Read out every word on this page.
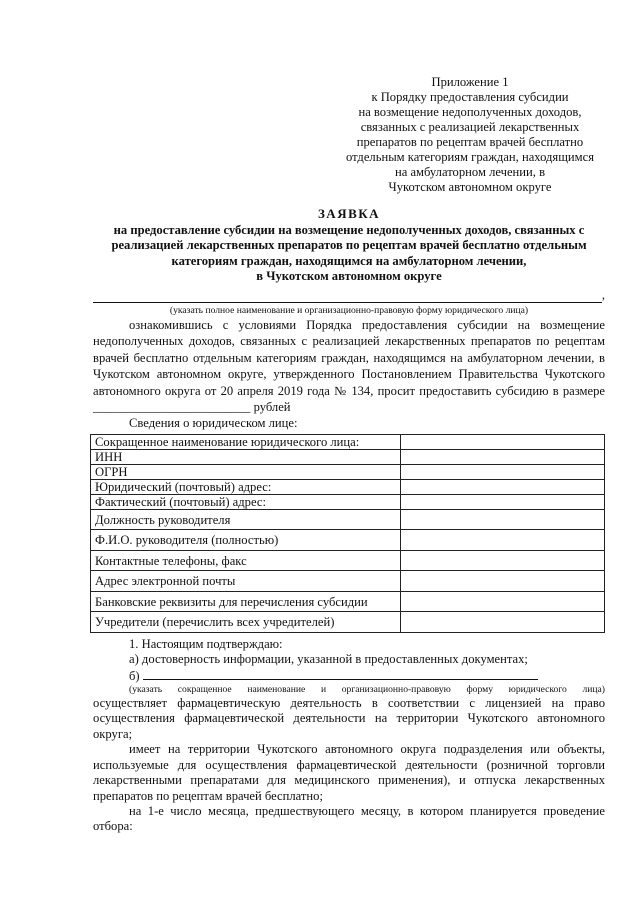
Приложение 1
к Порядку предоставления субсидии
на возмещение недополученных доходов,
связанных с реализацией лекарственных
препаратов по рецептам врачей бесплатно
отдельным категориям граждан, находящимся
на амбулаторном лечении, в
Чукотском автономном округе
ЗАЯВКА
на предоставление субсидии на возмещение недополученных доходов, связанных с реализацией лекарственных препаратов по рецептам врачей бесплатно отдельным категориям граждан, находящимся на амбулаторном лечении,
в Чукотском автономном округе
,
(указать полное наименование и организационно-правовую форму юридического лица)

ознакомившись с условиями Порядка предоставления субсидии на возмещение недополученных доходов, связанных с реализацией лекарственных препаратов по рецептам врачей бесплатно отдельным категориям граждан, находящимся на амбулаторном лечении, в Чукотском автономном округе, утвержденного Постановлением Правительства Чукотского автономного округа от 20 апреля 2019 года № 134, просит предоставить субсидию в размере _________________________ рублей

Сведения о юридическом лице:

Сокращенное наименование юридического лица:	
ИНН	
ОГРН	
Юридический (почтовый) адрес:	
Фактический (почтовый) адрес:	
Должность руководителя	
Ф.И.О. руководителя (полностью)	
Контактные телефоны, факс	
Адрес электронной почты	
Банковские реквизиты для перечисления субсидии	
Учредители (перечислить всех учредителей)	

1. Настоящим подтверждаю:

а) достоверность информации, указанной в предоставленных документах;

б)

(указать сокращенное наименование и организационно-правовую форму юридического лица)

осуществляет фармацевтическую деятельность в соответствии с лицензией на право осуществления фармацевтической деятельности на территории Чукотского автономного округа;

имеет на территории Чукотского автономного округа подразделения или объекты, используемые для осуществления фармацевтической деятельности (розничной торговли лекарственными препаратами для медицинского применения), и отпуска лекарственных препаратов по рецептам врачей бесплатно;

на 1-е число месяца, предшествующего месяцу, в котором планируется проведение отбора:
